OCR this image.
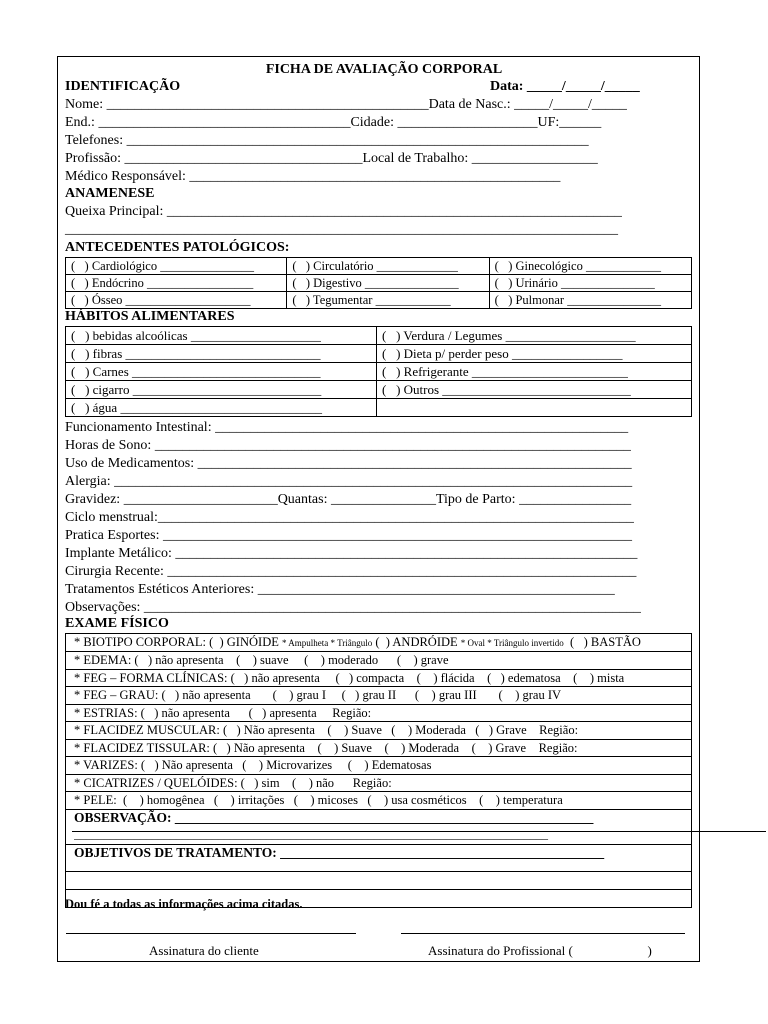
FICHA DE AVALIAÇÃO CORPORAL
IDENTIFICAÇÃO	Data: _____/_____/_____
Nome: ______________________________________________Data de Nasc.: _____/_____/_____
End.: ____________________________________Cidade: ____________________UF:______
Telefones: __________________________________________________________________
Profissão: __________________________________Local de Trabalho: __________________
Médico Responsável: _____________________________________________________
ANAMENESE
Queixa Principal: _________________________________________________________________
_______________________________________________________________________________
ANTECEDENTES PATOLÓGICOS:
(   ) Cardiológico _______________	(   ) Circulatório _____________	(   ) Ginecológico ____________
(   ) Endócrino _________________	(   ) Digestivo _______________	(   ) Urinário _______________
(   ) Ósseo ____________________	(   ) Tegumentar ____________	(   ) Pulmonar _______________
HÁBITOS ALIMENTARES
(   ) bebidas alcoólicas ____________________	(   ) Verdura / Legumes ____________________
(   ) fibras ______________________________	(   ) Dieta p/ perder peso _________________
(   ) Carnes _____________________________	(   ) Refrigerante ________________________
(   ) cigarro _____________________________	(   ) Outros _____________________________
(   ) água _______________________________	
Funcionamento Intestinal: ___________________________________________________________
Horas de Sono: ____________________________________________________________________
Uso de Medicamentos: ______________________________________________________________
Alergia: __________________________________________________________________________
Gravidez: ______________________Quantas: _______________Tipo de Parto: ________________
Ciclo menstrual:____________________________________________________________________
Pratica Esportes: ___________________________________________________________________
Implante Metálico: __________________________________________________________________
Cirurgia Recente: ___________________________________________________________________
Tratamentos Estéticos Anteriores: ___________________________________________________
Observações: _______________________________________________________________________
EXAME FÍSICO
* BIOTIPO CORPORAL: (  ) GINÓIDE * Ampulheta * Triângulo (  ) ANDRÓIDE * Oval * Triângulo invertido  (   ) BASTÃO
* EDEMA: (   ) não apresenta    (    ) suave     (    ) moderado      (    ) grave
* FEG – FORMA CLÍNICAS: (   ) não apresenta     (   ) compacta    (    ) flácida    (   ) edematosa    (    ) mista
* FEG – GRAU: (   ) não apresenta       (    ) grau I     (   ) grau II      (    ) grau III       (    ) grau IV
* ESTRIAS: (   ) não apresenta      (   ) apresenta     Região:
* FLACIDEZ MUSCULAR: (   ) Não apresenta    (    ) Suave   (    ) Moderada   (   ) Grave    Região:
* FLACIDEZ TISSULAR: (   ) Não apresenta    (    ) Suave    (    ) Moderada    (    ) Grave    Região:
* VARIZES: (   ) Não apresenta   (    ) Microvarizes     (    ) Edematosas
* CICATRIZES / QUELÓIDES: (   ) sim    (    ) não      Região:
* PELE:  (    ) homogênea   (    ) irritações   (    ) micoses   (    ) usa cosméticos    (    ) temperatura

OBSERVAÇÃO: ______________________________________________________________
_______________________________________________________________________________

OBJETIVOS DE TRATAMENTO: ________________________________________________

Dou fé a todas as informações acima citadas.
Assinatura do cliente	Assinatura do Profissional (                       )
